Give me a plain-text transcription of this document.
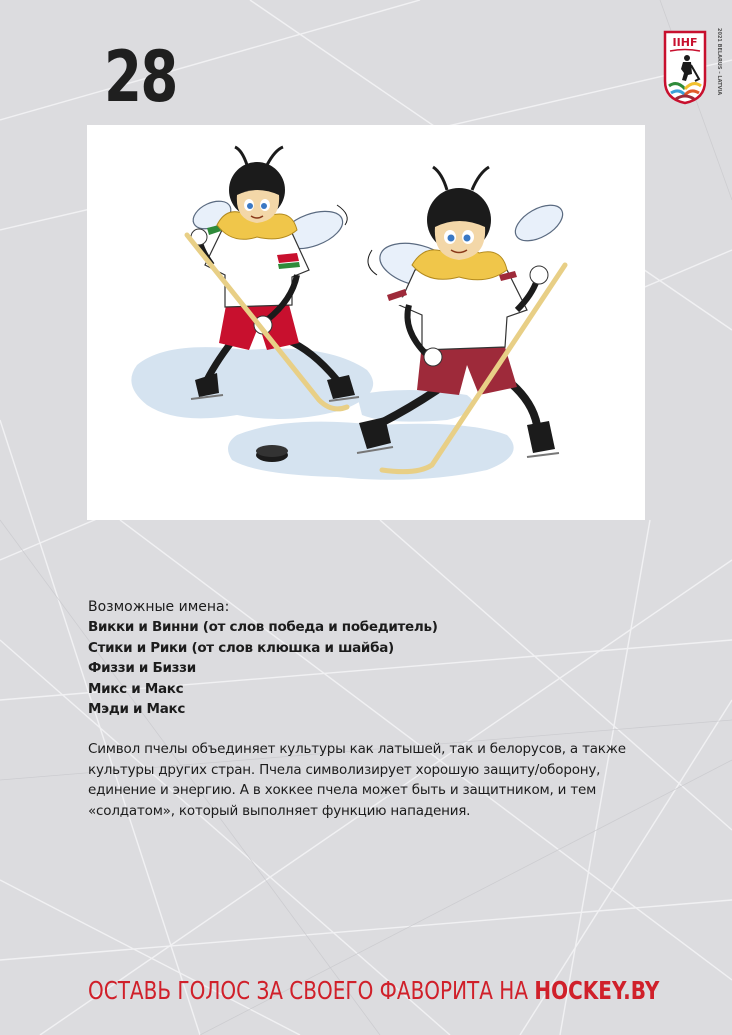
28	IIHF	2021 BELARUS – LATVIA
Возможные имена:
Викки и Винни (от слов победа и победитель)
Стики и Рики (от слов клюшка и шайба)
Физзи и Биззи
Микс и Макс
Мэди и Макс

Символ пчелы объединяет культуры как латышей, так и белорусов, а также культуры других стран. Пчела символизирует хорошую защиту/оборону, единение и энергию. А в хоккее пчела может быть и защитником, и тем «солдатом», который выполняет функцию нападения.

ОСТАВЬ ГОЛОС ЗА СВОЕГО ФАВОРИТА НА HOCKEY.BY
